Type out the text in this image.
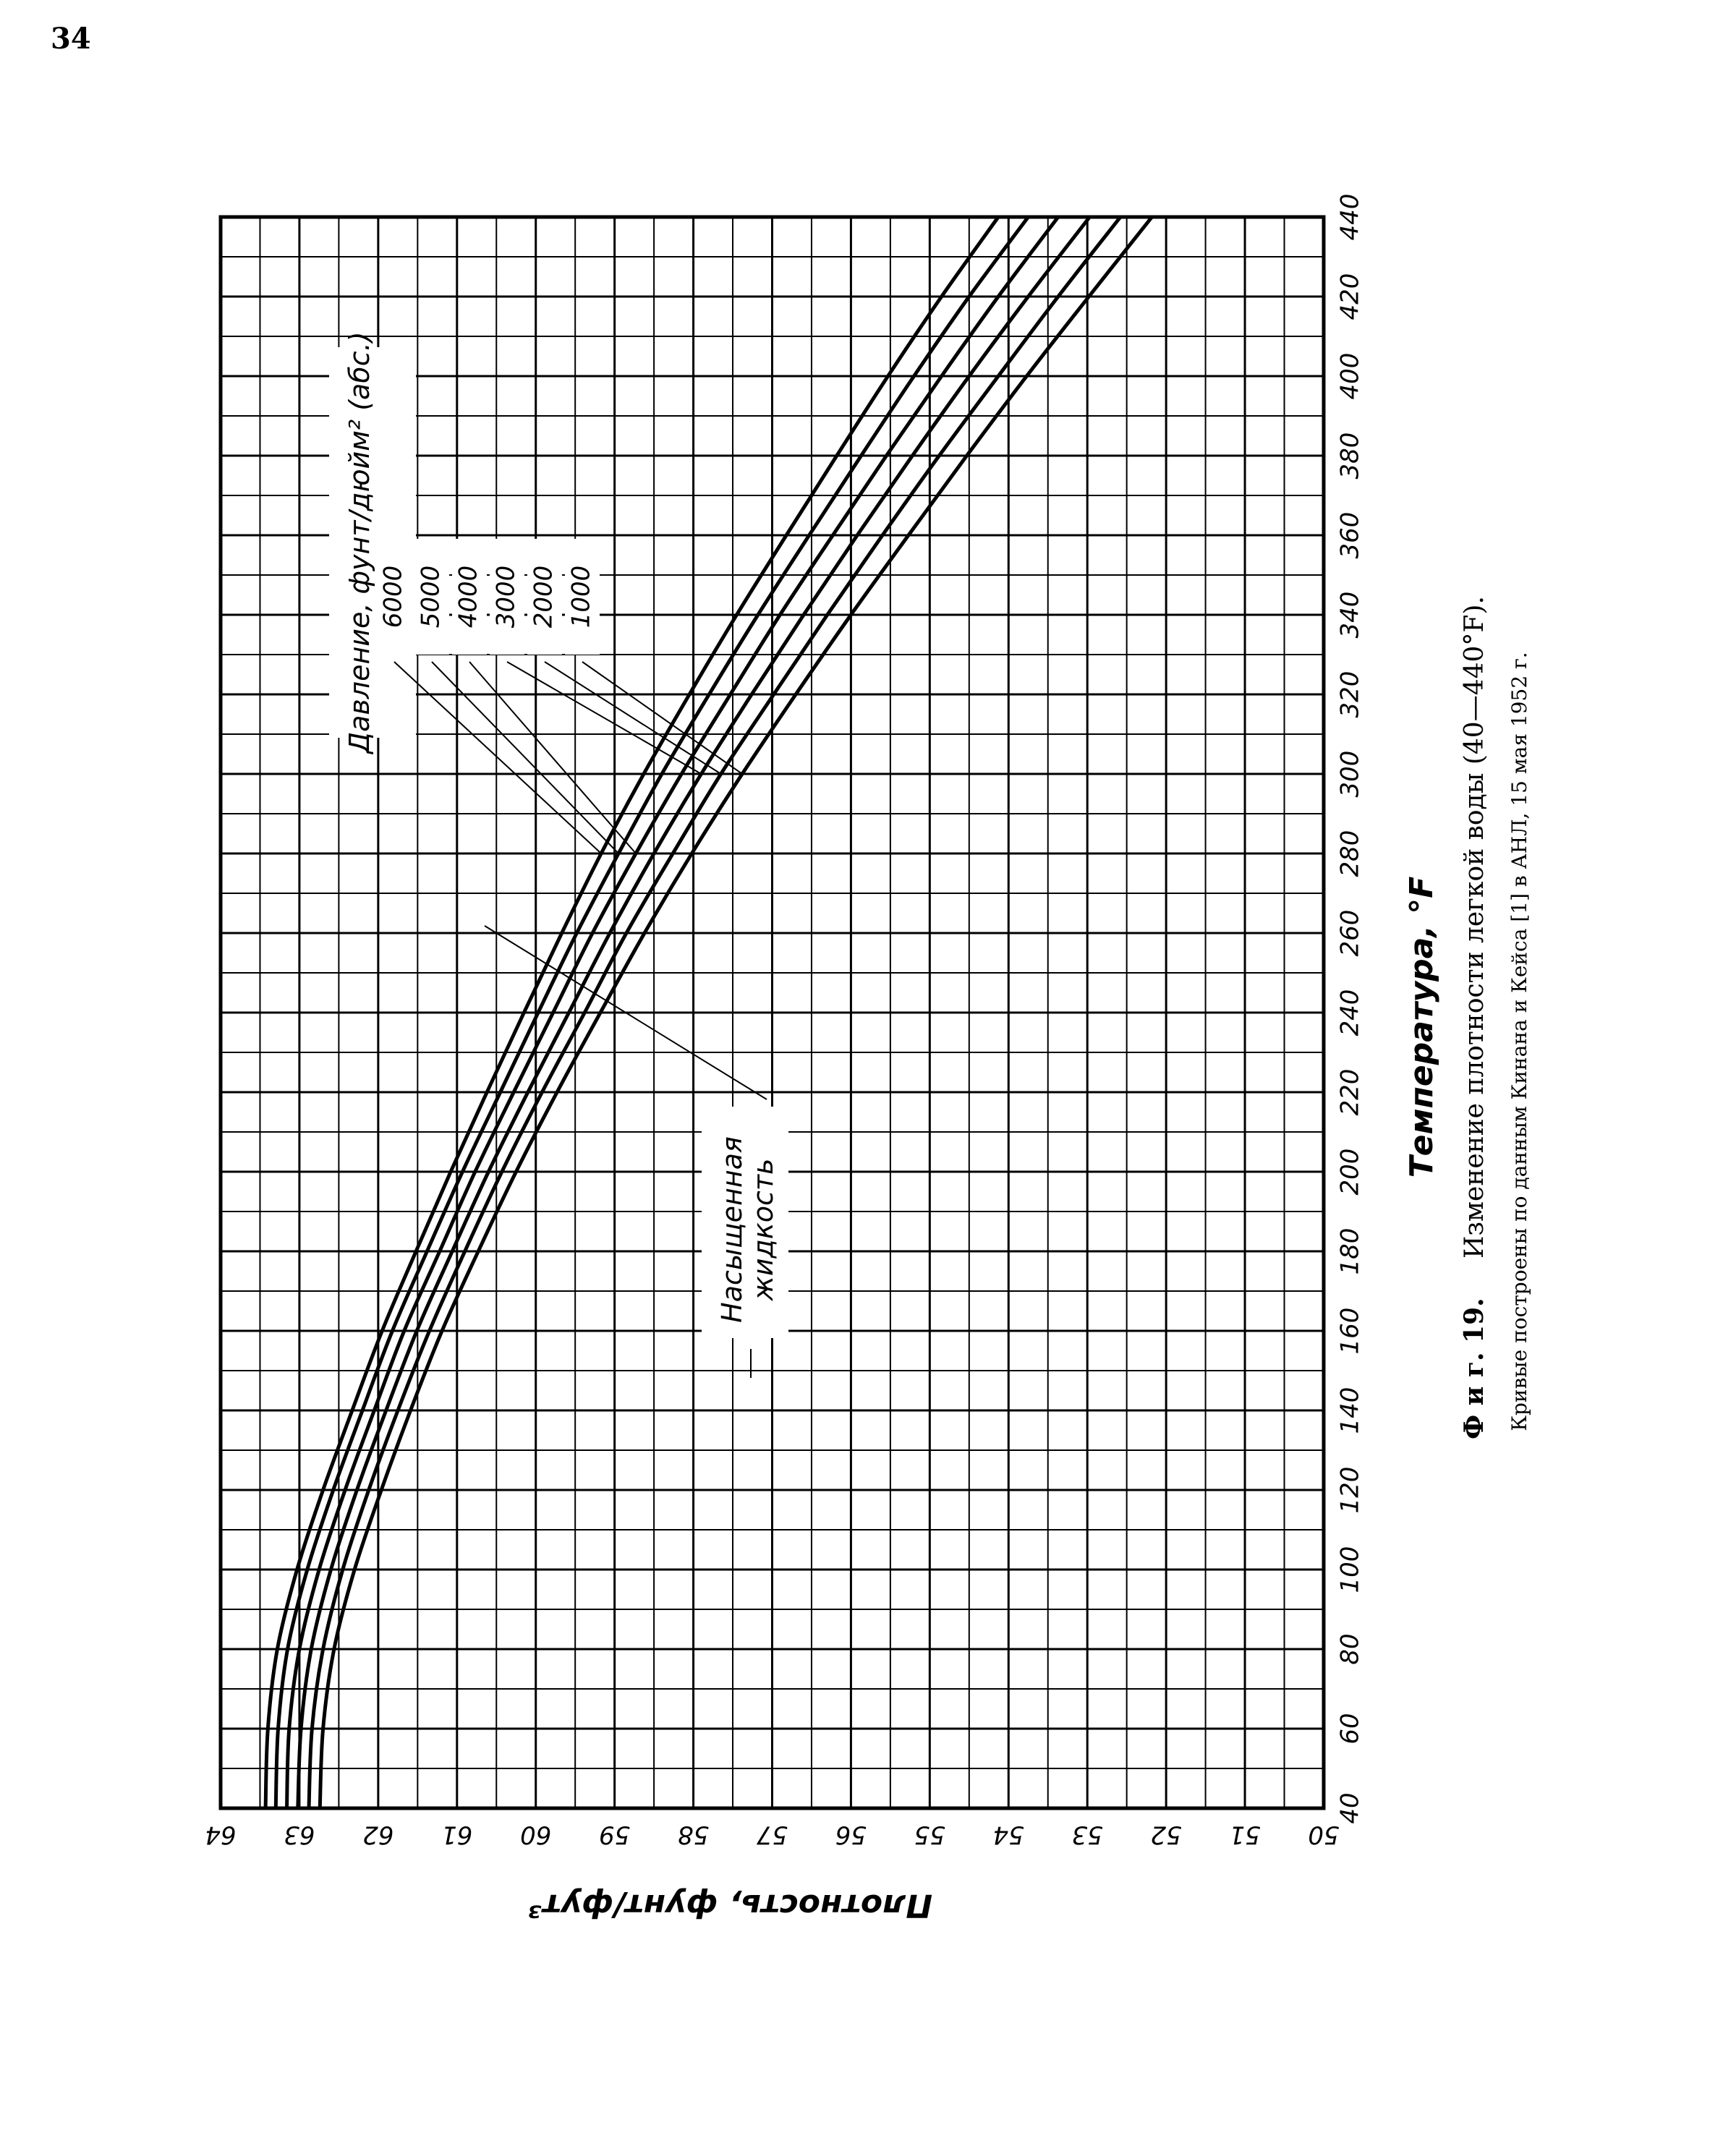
34
40
60
80
100
120
140
160
180
200
220
240
260
280
300
320
340
360
380
400
420
440
50
51
52
53
54
55
56
57
58
59
60
61
62
63
64
Температура, °F
Плотность, фунт/фут³
Давление, фунт/дюйм² (абс.) 6000 5000 4000 3000 2000 1000
Насыщенная жидкость
Ф и г. 19.
Изменение плотности легкой воды (40—440°F). Кривые построены по данным Кинана и Кейса [1] в АНЛ, 15 мая 1952 г.
